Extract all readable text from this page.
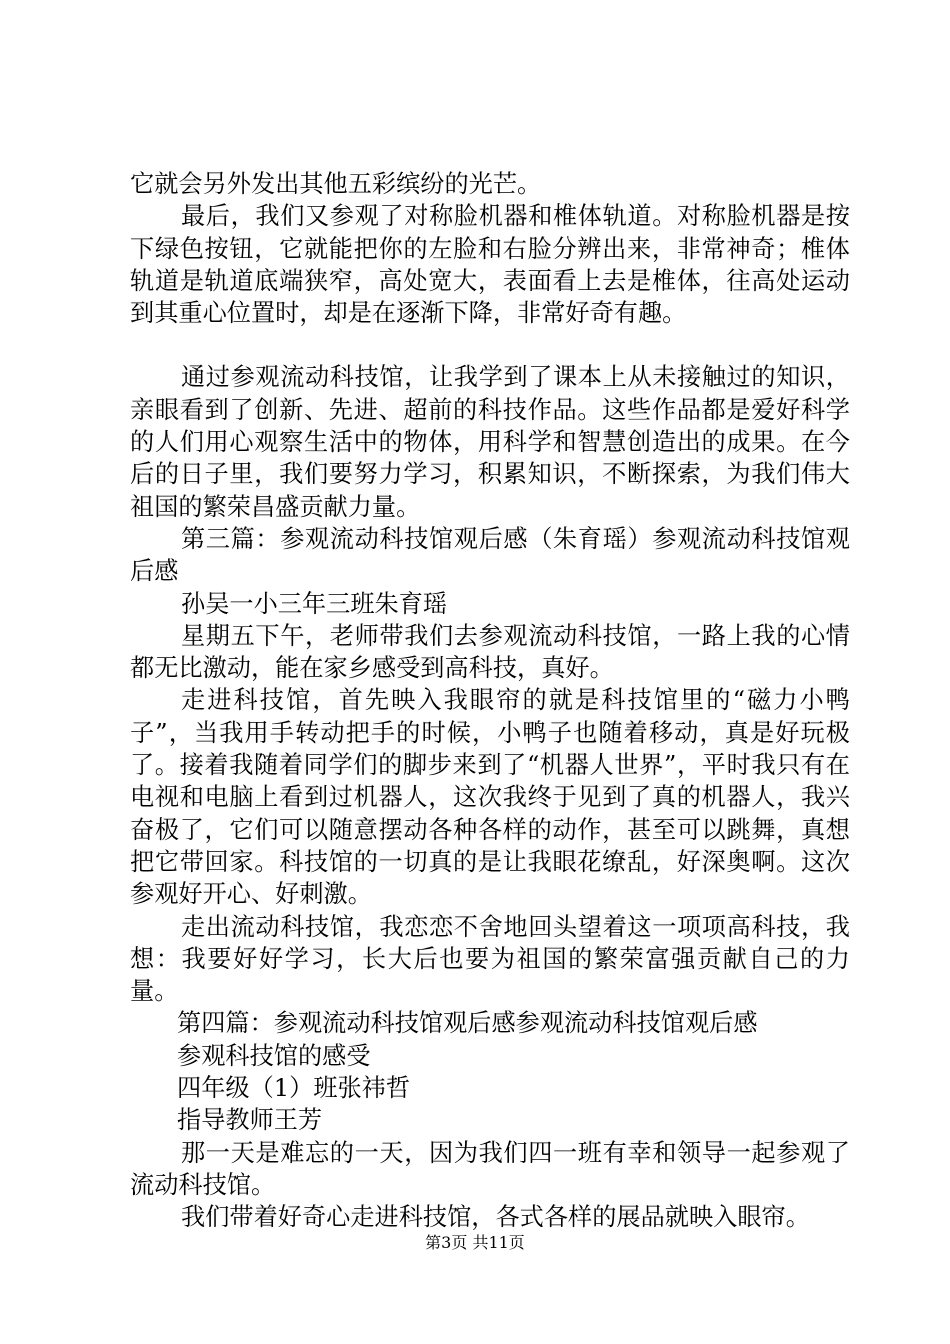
它就会另外发出其他五彩缤纷的光芒。

最后，我们又参观了对称脸机器和椎体轨道。对称脸机器是按下绿色按钮，它就能把你的左脸和右脸分辨出来，非常神奇；椎体轨道是轨道底端狭窄，高处宽大，表面看上去是椎体，往高处运动到其重心位置时，却是在逐渐下降，非常好奇有趣。

通过参观流动科技馆，让我学到了课本上从未接触过的知识，亲眼看到了创新、先进、超前的科技作品。这些作品都是爱好科学的人们用心观察生活中的物体，用科学和智慧创造出的成果。在今后的日子里，我们要努力学习，积累知识，不断探索，为我们伟大祖国的繁荣昌盛贡献力量。

第三篇：参观流动科技馆观后感（朱育瑶）参观流动科技馆观后感

孙吴一小三年三班朱育瑶

星期五下午，老师带我们去参观流动科技馆，一路上我的心情都无比激动，能在家乡感受到高科技，真好。

走进科技馆，首先映入我眼帘的就是科技馆里的“磁力小鸭子”，当我用手转动把手的时候，小鸭子也随着移动，真是好玩极了。接着我随着同学们的脚步来到了“机器人世界”，平时我只有在电视和电脑上看到过机器人，这次我终于见到了真的机器人，我兴奋极了，它们可以随意摆动各种各样的动作，甚至可以跳舞，真想把它带回家。科技馆的一切真的是让我眼花缭乱，好深奥啊。这次参观好开心、好刺激。

走出流动科技馆，我恋恋不舍地回头望着这一项项高科技，我想：我要好好学习，长大后也要为祖国的繁荣富强贡献自己的力量。

第四篇：参观流动科技馆观后感参观流动科技馆观后感

参观科技馆的感受

四年级（1）班张祎哲

指导教师王芳

那一天是难忘的一天，因为我们四一班有幸和领导一起参观了流动科技馆。

我们带着好奇心走进科技馆，各式各样的展品就映入眼帘。

第3页 共11页
